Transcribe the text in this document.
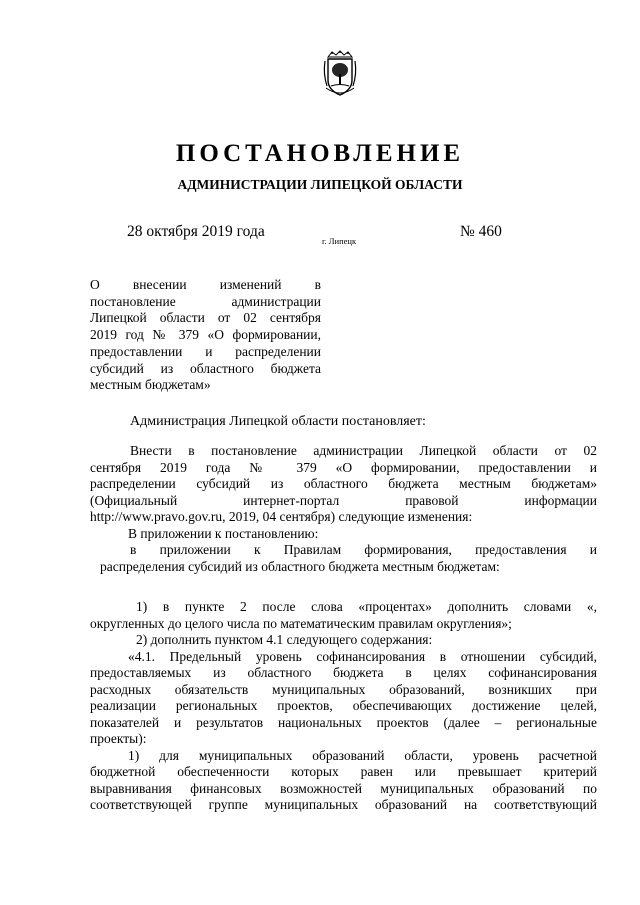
ПОСТАНОВЛЕНИЕ
АДМИНИСТРАЦИИ ЛИПЕЦКОЙ ОБЛАСТИ
28 октября 2019 года
г. Липецк
№ 460
О внесении изменений в
постановление администрации
Липецкой области от 02 сентября
2019 год № 379 «О формировании,
предоставлении и распределении
субсидий из областного бюджета
местным бюджетам»
Администрация Липецкой области постановляет:
Внести в постановление администрации Липецкой области от 02
сентября 2019 года № 379 «О формировании, предоставлении и
распределении субсидий из областного бюджета местным бюджетам»
(Официальный интернет-портал правовой информации
http://www.pravo.gov.ru, 2019, 04 сентября) следующие изменения:
В приложении к постановлению:
в приложении к Правилам формирования, предоставления и
распределения субсидий из областного бюджета местным бюджетам:
1) в пункте 2 после слова «процентах» дополнить словами «,
округленных до целого числа по математическим правилам округления»;
2) дополнить пунктом 4.1 следующего содержания:
«4.1. Предельный уровень софинансирования в отношении субсидий,
предоставляемых из областного бюджета в целях софинансирования
расходных обязательств муниципальных образований, возникших при
реализации региональных проектов, обеспечивающих достижение целей,
показателей и результатов национальных проектов (далее – региональные
проекты):
1) для муниципальных образований области, уровень расчетной
бюджетной обеспеченности которых равен или превышает критерий
выравнивания финансовых возможностей муниципальных образований по
соответствующей группе муниципальных образований на соответствующий
